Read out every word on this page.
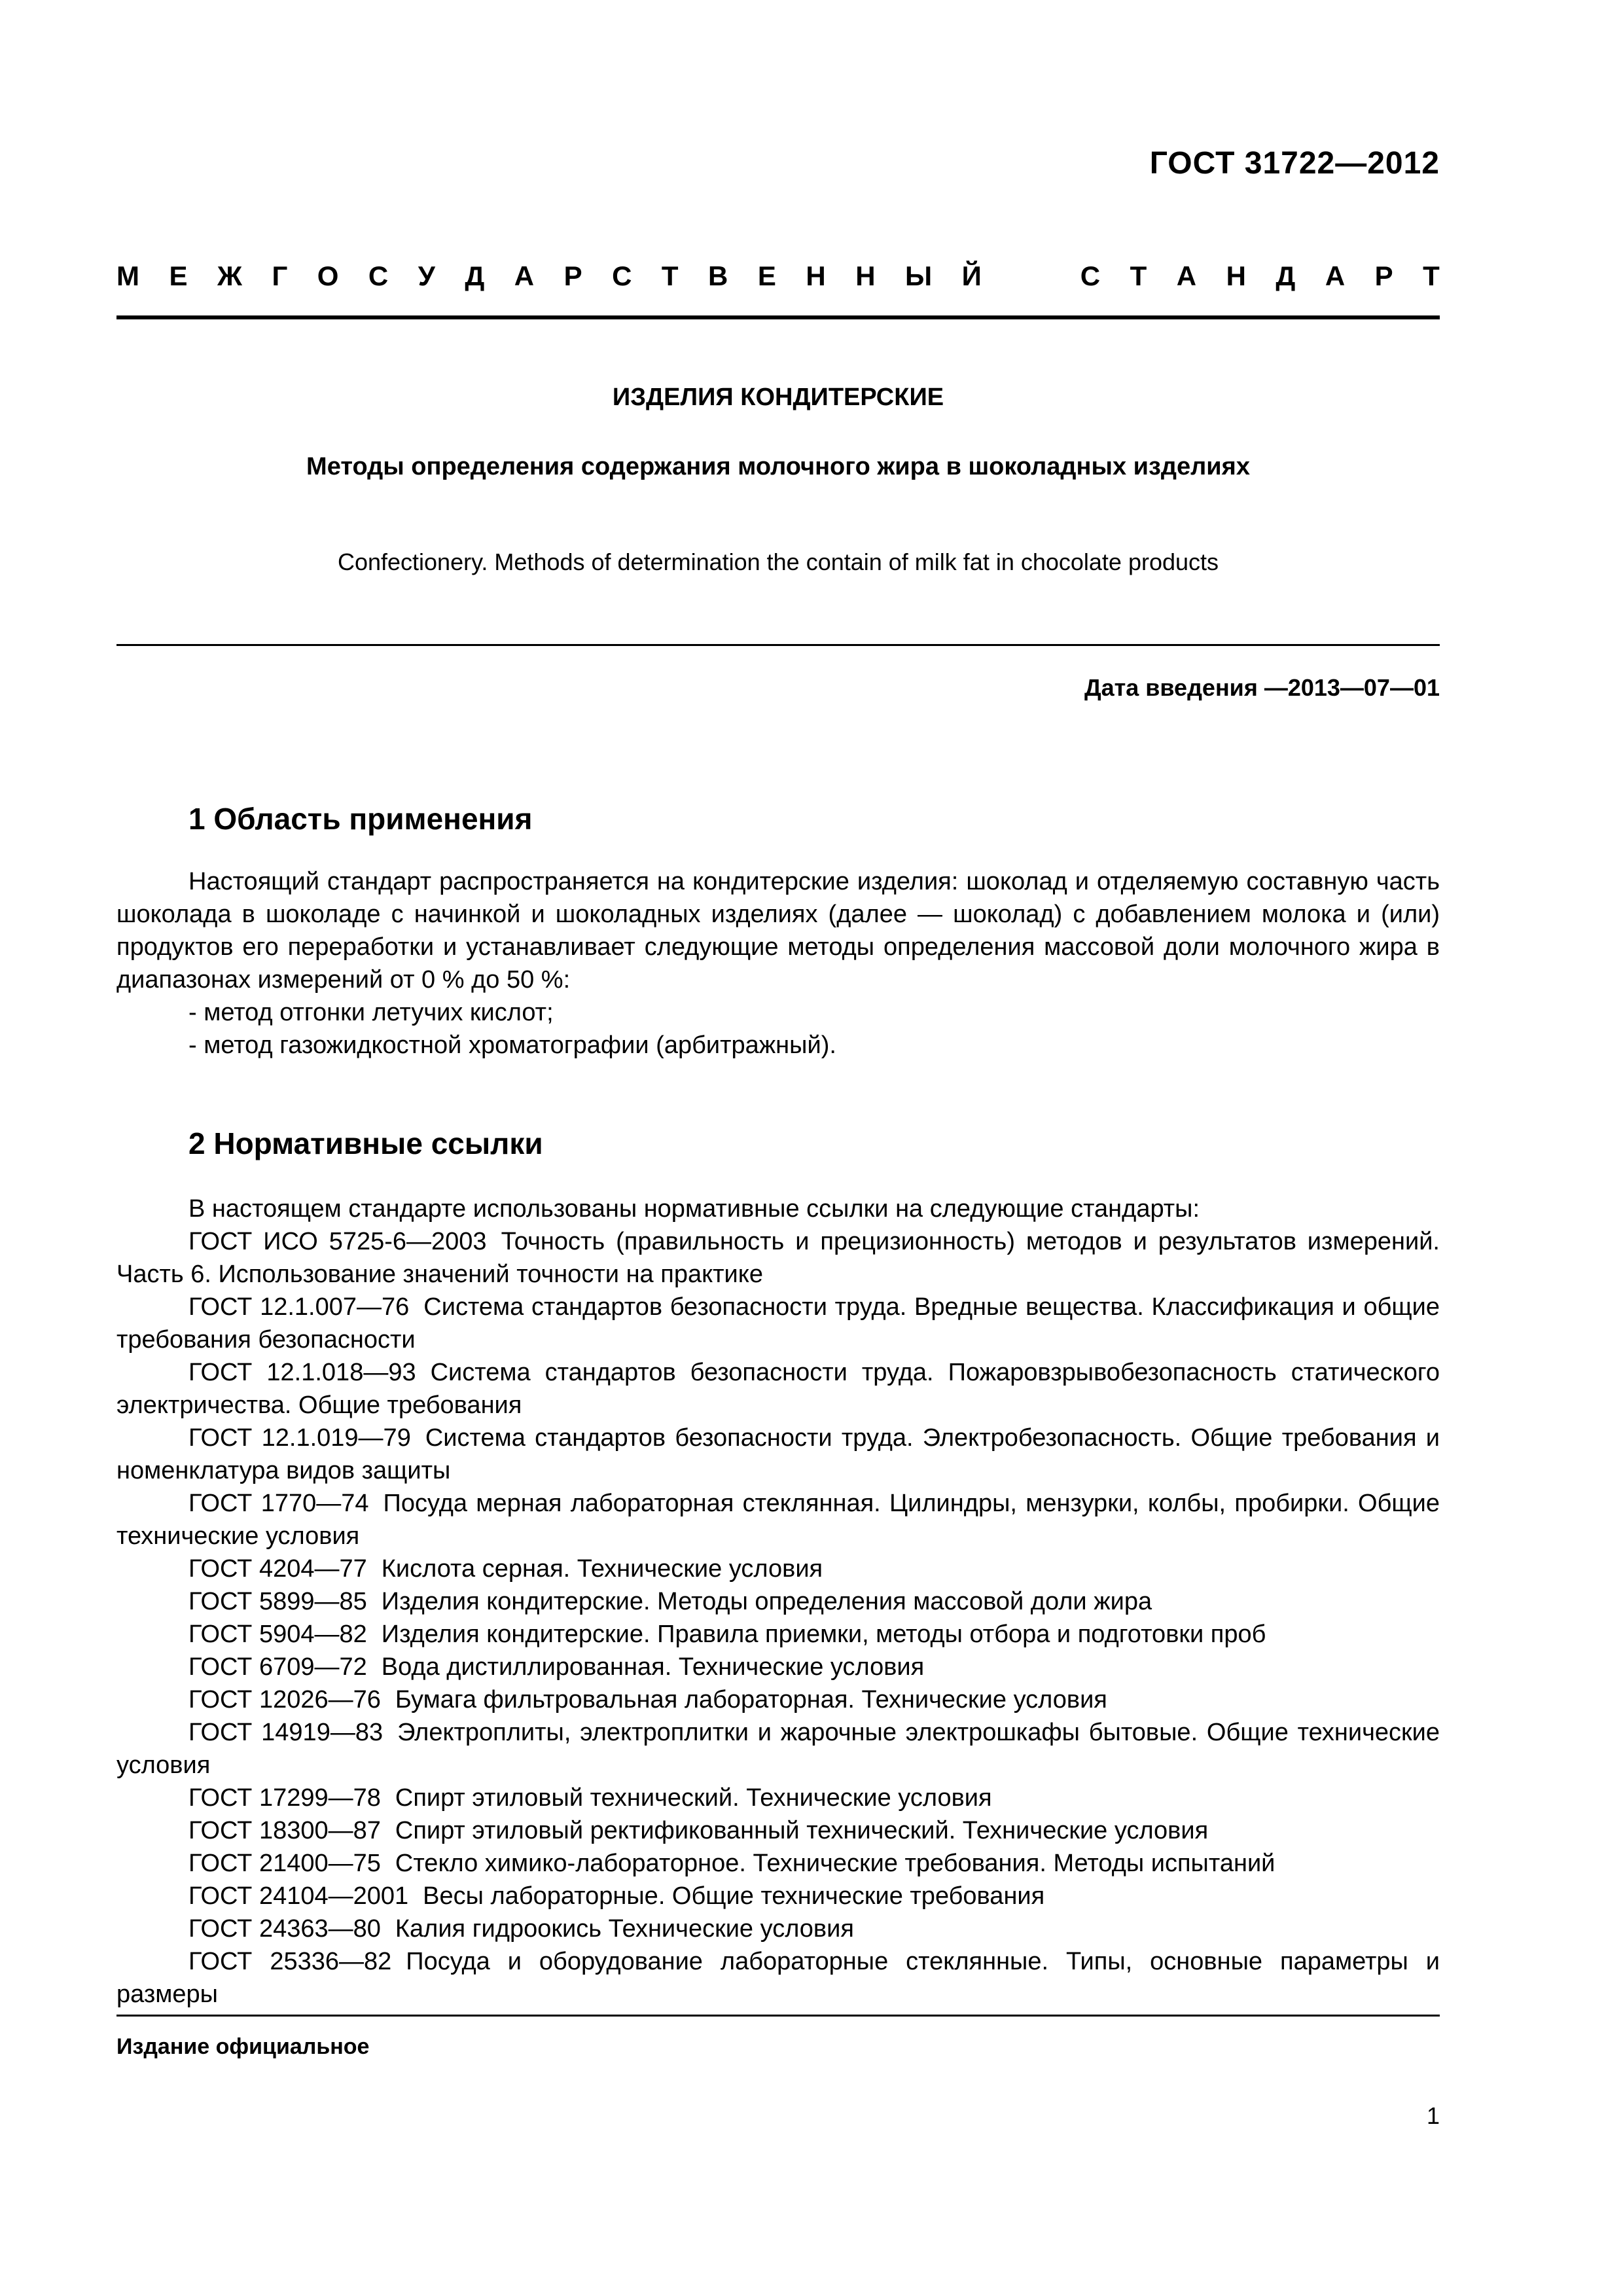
ГОСТ 31722—2012
М Е Ж Г О С У Д А Р С Т В Е Н Н Ы Й	С Т А Н Д А Р Т
ИЗДЕЛИЯ КОНДИТЕРСКИЕ
Методы определения содержания молочного жира в шоколадных изделиях
Confectionery. Methods of determination the contain of milk fat in chocolate products
Дата введения —2013—07—01
1 Область применения

Настоящий стандарт распространяется на кондитерские изделия: шоколад и отделяемую составную часть шоколада в шоколаде с начинкой и шоколадных изделиях (далее — шоколад) с добавлением молока и (или) продуктов его переработки и устанавливает следующие методы определения массовой доли молочного жира в диапазонах измерений от 0 % до 50 %:

- метод отгонки летучих кислот;

- метод газожидкостной хроматографии (арбитражный).

2 Нормативные ссылки

В настоящем стандарте использованы нормативные ссылки на следующие стандарты:

ГОСТ ИСО 5725-6—2003 Точность (правильность и прецизионность) методов и результатов измерений. Часть 6. Использование значений точности на практике

ГОСТ 12.1.007—76 Система стандартов безопасности труда. Вредные вещества. Классификация и общие требования безопасности

ГОСТ 12.1.018—93 Система стандартов безопасности труда. Пожаровзрывобезопасность статического электричества. Общие требования

ГОСТ 12.1.019—79 Система стандартов безопасности труда. Электробезопасность. Общие требования и номенклатура видов защиты

ГОСТ 1770—74 Посуда мерная лабораторная стеклянная. Цилиндры, мензурки, колбы, пробирки. Общие технические условия

ГОСТ 4204—77 Кислота серная. Технические условия

ГОСТ 5899—85 Изделия кондитерские. Методы определения массовой доли жира

ГОСТ 5904—82 Изделия кондитерские. Правила приемки, методы отбора и подготовки проб

ГОСТ 6709—72 Вода дистиллированная. Технические условия

ГОСТ 12026—76 Бумага фильтровальная лабораторная. Технические условия

ГОСТ 14919—83 Электроплиты, электроплитки и жарочные электрошкафы бытовые. Общие технические условия

ГОСТ 17299—78 Спирт этиловый технический. Технические условия

ГОСТ 18300—87 Спирт этиловый ректификованный технический. Технические условия

ГОСТ 21400—75 Стекло химико-лабораторное. Технические требования. Методы испытаний

ГОСТ 24104—2001 Весы лабораторные. Общие технические требования

ГОСТ 24363—80 Калия гидроокись Технические условия

ГОСТ 25336—82 Посуда и оборудование лабораторные стеклянные. Типы, основные параметры и размеры

Издание официальное
1
